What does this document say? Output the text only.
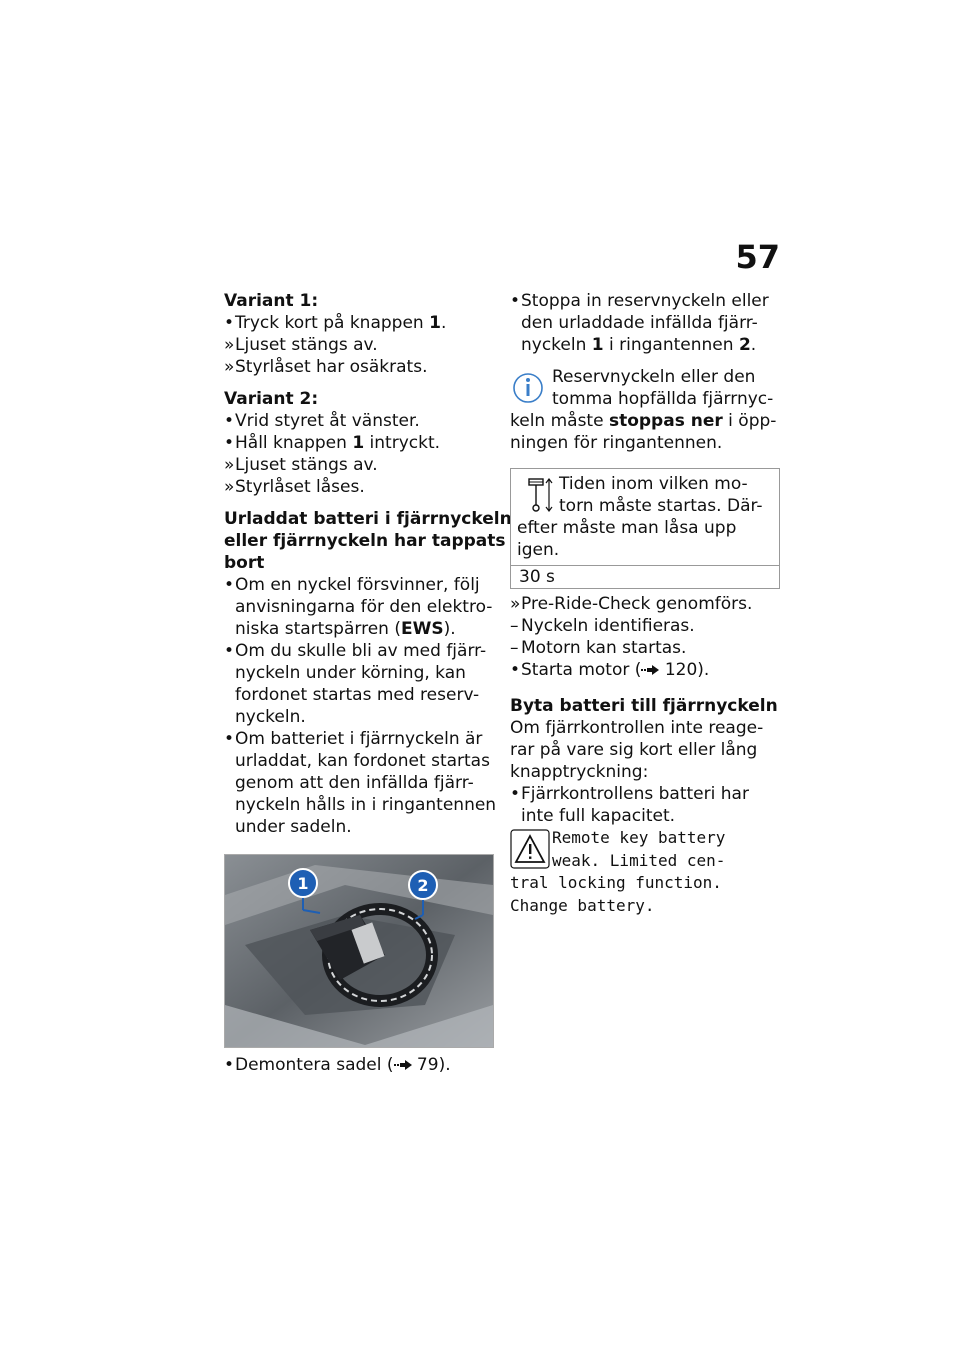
57
Variant 1:
•Tryck kort på knappen 1.
»Ljuset stängs av.
»Styrlåset har osäkrats.
Variant 2:
•Vrid styret åt vänster.
•Håll knappen 1 intryckt.
»Ljuset stängs av.
»Styrlåset låses.
Urladdat batteri i fjärrnyckeln
eller fjärrnyckeln har tappats
bort
•Om en nyckel försvinner, följ
anvisningarna för den elektro-
niska startspärren (EWS).
•Om du skulle bli av med fjärr-
nyckeln under körning, kan
fordonet startas med reserv-
nyckeln.
•Om batteriet i fjärrnyckeln är
urladdat, kan fordonet startas
genom att den infällda fjärr-
nyckeln hålls in i ringantennen
under sadeln.
1	2
•Demontera sadel ( 79).
•Stoppa in reservnyckeln eller
den urladdade infällda fjärr-
nyckeln 1 i ringantennen 2.
Reservnyckeln eller den
tomma hopfällda fjärrnyc-
keln måste stoppas ner i öpp-
ningen för ringantennen.
Tiden inom vilken mo-
torn måste startas. Där-
efter måste man låsa upp
igen.
30 s
»Pre-Ride-Check genomförs.
– Nyckeln identifieras.
– Motorn kan startas.
•Starta motor ( 120).
Byta batteri till fjärrnyckeln
Om fjärrkontrollen inte reage-
rar på vare sig kort eller lång
knapptryckning:
•Fjärrkontrollens batteri har
inte full kapacitet.
Remote key battery
weak. Limited cen-
tral locking function.
Change battery.
